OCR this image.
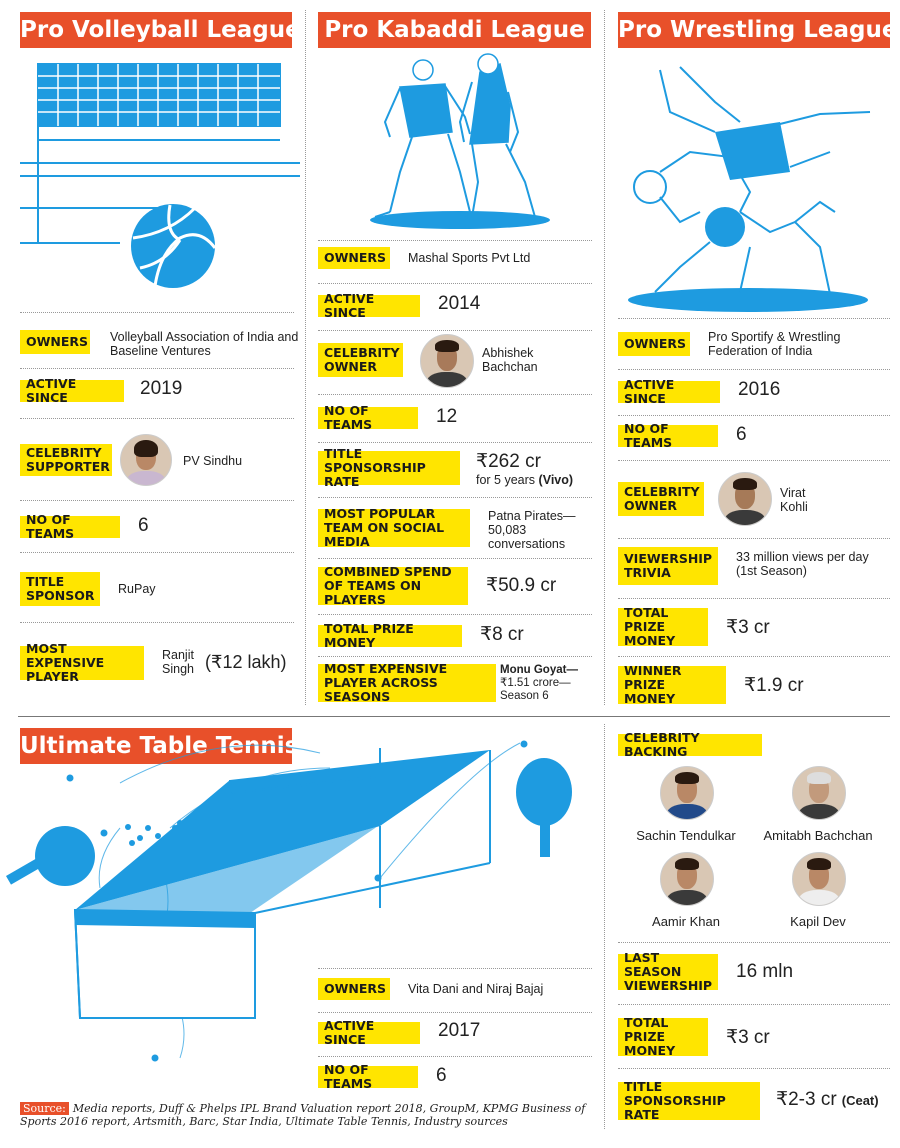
Pro Volleyball League
OWNERS Volleyball Association of India and Baseline Ventures
ACTIVE SINCE	2019
CELEBRITY SUPPORTER	PV Sindhu
NO OF TEAMS	6
TITLE SPONSOR	RuPay
MOST EXPENSIVE PLAYER
Ranjit Singh (₹12 lakh)
Pro Kabaddi League
OWNERS	Mashal Sports Pvt Ltd
ACTIVE SINCE	2014
CELEBRITY OWNER
Abhishek Bachchan
NO OF TEAMS	12
TITLE SPONSORSHIP RATE
₹262 cr
for 5 years (Vivo)
MOST POPULAR TEAM ON SOCIAL MEDIA
Patna Pirates—50,083 conversations
COMBINED SPEND OF TEAMS ON PLAYERS
₹50.9 cr
TOTAL PRIZE MONEY	₹8 cr
MOST EXPENSIVE PLAYER ACROSS SEASONS
Monu Goyat—₹1.51 crore—Season 6
Pro Wrestling League
OWNERS	Pro Sportify & Wrestling Federation of India
ACTIVE SINCE	2016
NO OF TEAMS	6
CELEBRITY OWNER
Virat Kohli
VIEWERSHIP TRIVIA
33 million views per day (1st Season)
TOTAL PRIZE MONEY
₹3 cr
WINNER PRIZE MONEY
₹1.9 cr
Ultimate Table Tennis
OWNERS	Vita Dani and Niraj Bajaj
ACTIVE SINCE	2017
NO OF TEAMS	6
CELEBRITY BACKING
Sachin Tendulkar	Amitabh Bachchan
Aamir Khan	Kapil Dev
LAST SEASON VIEWERSHIP
16 mln
TOTAL PRIZE MONEY
₹3 cr
TITLE SPONSORSHIP RATE
₹2-3 cr (Ceat)
Source: Media reports, Duff & Phelps IPL Brand Valuation report 2018, GroupM, KPMG Business of Sports 2016 report, Artsmith, Barc, Star India, Ultimate Table Tennis, Industry sources
